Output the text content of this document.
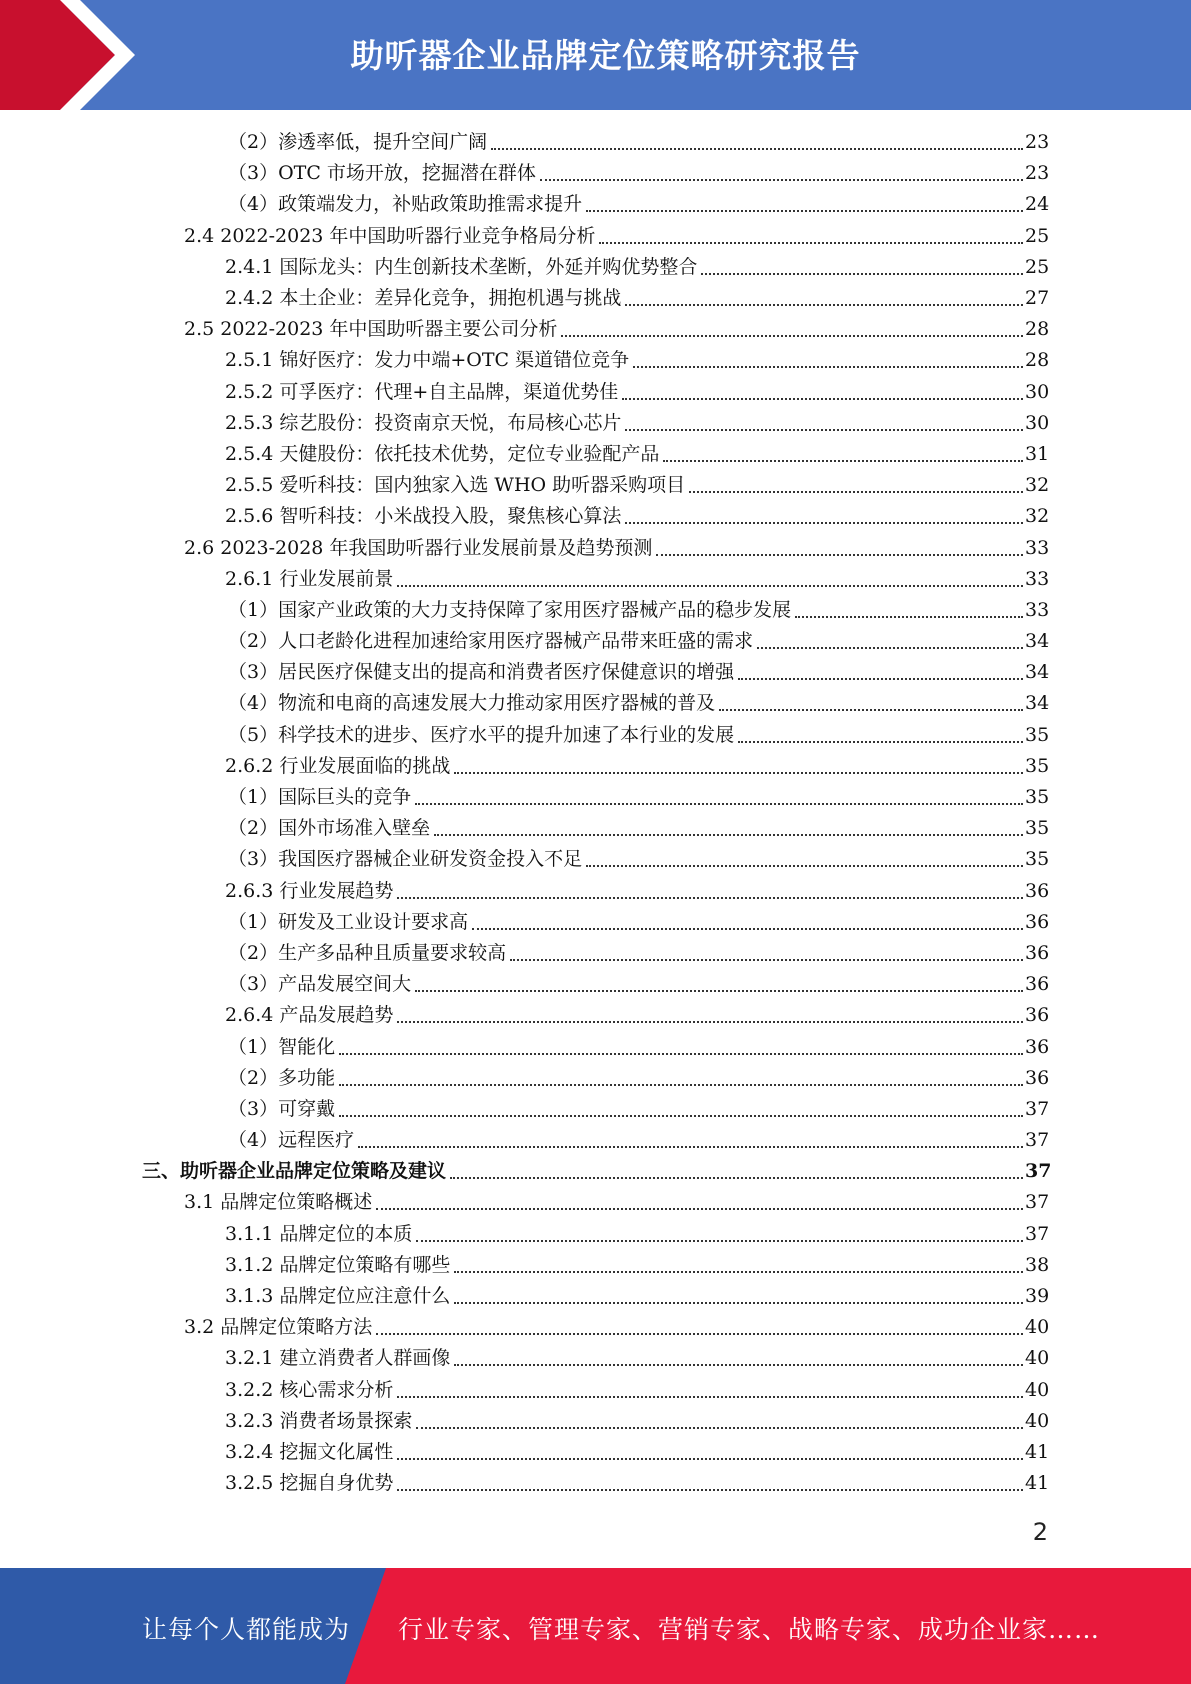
助听器企业品牌定位策略研究报告
（2）渗透率低，提升空间广阔	23
（3）OTC 市场开放，挖掘潜在群体	23
（4）政策端发力，补贴政策助推需求提升	24
2.4 2022-2023 年中国助听器行业竞争格局分析	25
2.4.1 国际龙头：内生创新技术垄断，外延并购优势整合	25
2.4.2 本土企业：差异化竞争，拥抱机遇与挑战	27
2.5 2022-2023 年中国助听器主要公司分析	28
2.5.1 锦好医疗：发力中端+OTC 渠道错位竞争	28
2.5.2 可孚医疗：代理+自主品牌，渠道优势佳	30
2.5.3 综艺股份：投资南京天悦，布局核心芯片	30
2.5.4 天健股份：依托技术优势，定位专业验配产品	31
2.5.5 爱听科技：国内独家入选 WHO 助听器采购项目	32
2.5.6 智听科技：小米战投入股，聚焦核心算法	32
2.6 2023-2028 年我国助听器行业发展前景及趋势预测	33
2.6.1 行业发展前景	33
（1）国家产业政策的大力支持保障了家用医疗器械产品的稳步发展	33
（2）人口老龄化进程加速给家用医疗器械产品带来旺盛的需求	34
（3）居民医疗保健支出的提高和消费者医疗保健意识的增强	34
（4）物流和电商的高速发展大力推动家用医疗器械的普及	34
（5）科学技术的进步、医疗水平的提升加速了本行业的发展	35
2.6.2 行业发展面临的挑战	35
（1）国际巨头的竞争	35
（2）国外市场准入壁垒	35
（3）我国医疗器械企业研发资金投入不足	35
2.6.3 行业发展趋势	36
（1）研发及工业设计要求高	36
（2）生产多品种且质量要求较高	36
（3）产品发展空间大	36
2.6.4 产品发展趋势	36
（1）智能化	36
（2）多功能	36
（3）可穿戴	37
（4）远程医疗	37
三、助听器企业品牌定位策略及建议	37
3.1 品牌定位策略概述	37
3.1.1 品牌定位的本质	37
3.1.2 品牌定位策略有哪些	38
3.1.3 品牌定位应注意什么	39
3.2 品牌定位策略方法	40
3.2.1 建立消费者人群画像	40
3.2.2 核心需求分析	40
3.2.3 消费者场景探索	40
3.2.4 挖掘文化属性	41
3.2.5 挖掘自身优势	41
2
让每个人都能成为 行业专家、管理专家、营销专家、战略专家、成功企业家……
